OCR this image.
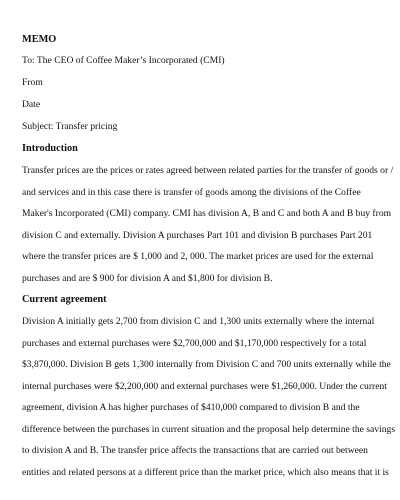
MEMO

To: The CEO of Coffee Maker’s Incorporated (CMI)

From

Date

Subject: Transfer pricing

Introduction

Transfer prices are the prices or rates agreed between related parties for the transfer of goods or /
and services and in this case there is transfer of goods among the divisions of the Coffee
Maker's Incorporated (CMI) company. CMI has division A, B and C and both A and B buy from
division C and externally. Division A purchases Part 101 and division B purchases Part 201
where the transfer prices are $ 1,000 and 2, 000. The market prices are used for the external
purchases and are $ 900 for division A and $1,800 for division B.

Current agreement

Division A initially gets 2,700 from division C and 1,300 units externally where the internal
purchases and external purchases were $2,700,000 and $1,170,000 respectively for a total
$3,870,000. Division B gets 1,300 internally from Division C and 700 units externally while the
internal purchases were $2,200,000 and external purchases were $1,260,000. Under the current
agreement, division A has higher purchases of $410,000 compared to division B and the
difference between the purchases in current situation and the proposal help determine the savings
to division A and B. The transfer price affects the transactions that are carried out between
entities and related persons at a different price than the market price, which also means that it is
